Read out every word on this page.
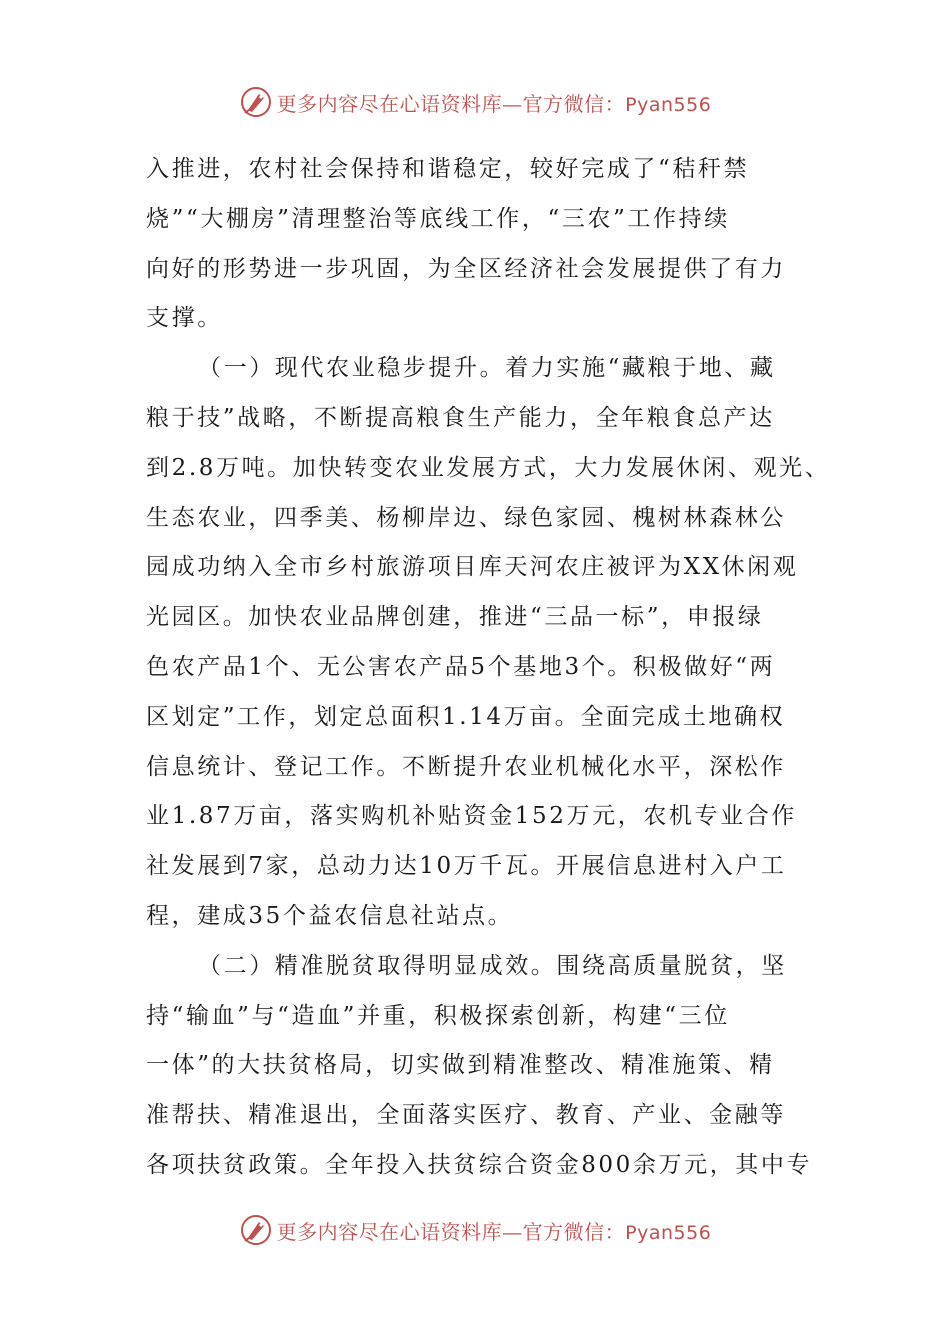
更多内容尽在心语资料库—官方微信：Pyan556
入推进，农村社会保持和谐稳定，较好完成了“秸秆禁
烧”“大棚房”清理整治等底线工作，“三农”工作持续
向好的形势进一步巩固，为全区经济社会发展提供了有力
支撑。
（一）现代农业稳步提升。着力实施“藏粮于地、藏
粮于技”战略，不断提高粮食生产能力，全年粮食总产达
到2.8万吨。加快转变农业发展方式，大力发展休闲、观光、
生态农业，四季美、杨柳岸边、绿色家园、槐树林森林公
园成功纳入全市乡村旅游项目库天河农庄被评为XX休闲观
光园区。加快农业品牌创建，推进“三品一标”，申报绿
色农产品1个、无公害农产品5个基地3个。积极做好“两
区划定”工作，划定总面积1.14万亩。全面完成土地确权
信息统计、登记工作。不断提升农业机械化水平，深松作
业1.87万亩，落实购机补贴资金152万元，农机专业合作
社发展到7家，总动力达10万千瓦。开展信息进村入户工
程，建成35个益农信息社站点。
（二）精准脱贫取得明显成效。围绕高质量脱贫，坚
持“输血”与“造血”并重，积极探索创新，构建“三位
一体”的大扶贫格局，切实做到精准整改、精准施策、精
准帮扶、精准退出，全面落实医疗、教育、产业、金融等
各项扶贫政策。全年投入扶贫综合资金800余万元，其中专
更多内容尽在心语资料库—官方微信：Pyan556
